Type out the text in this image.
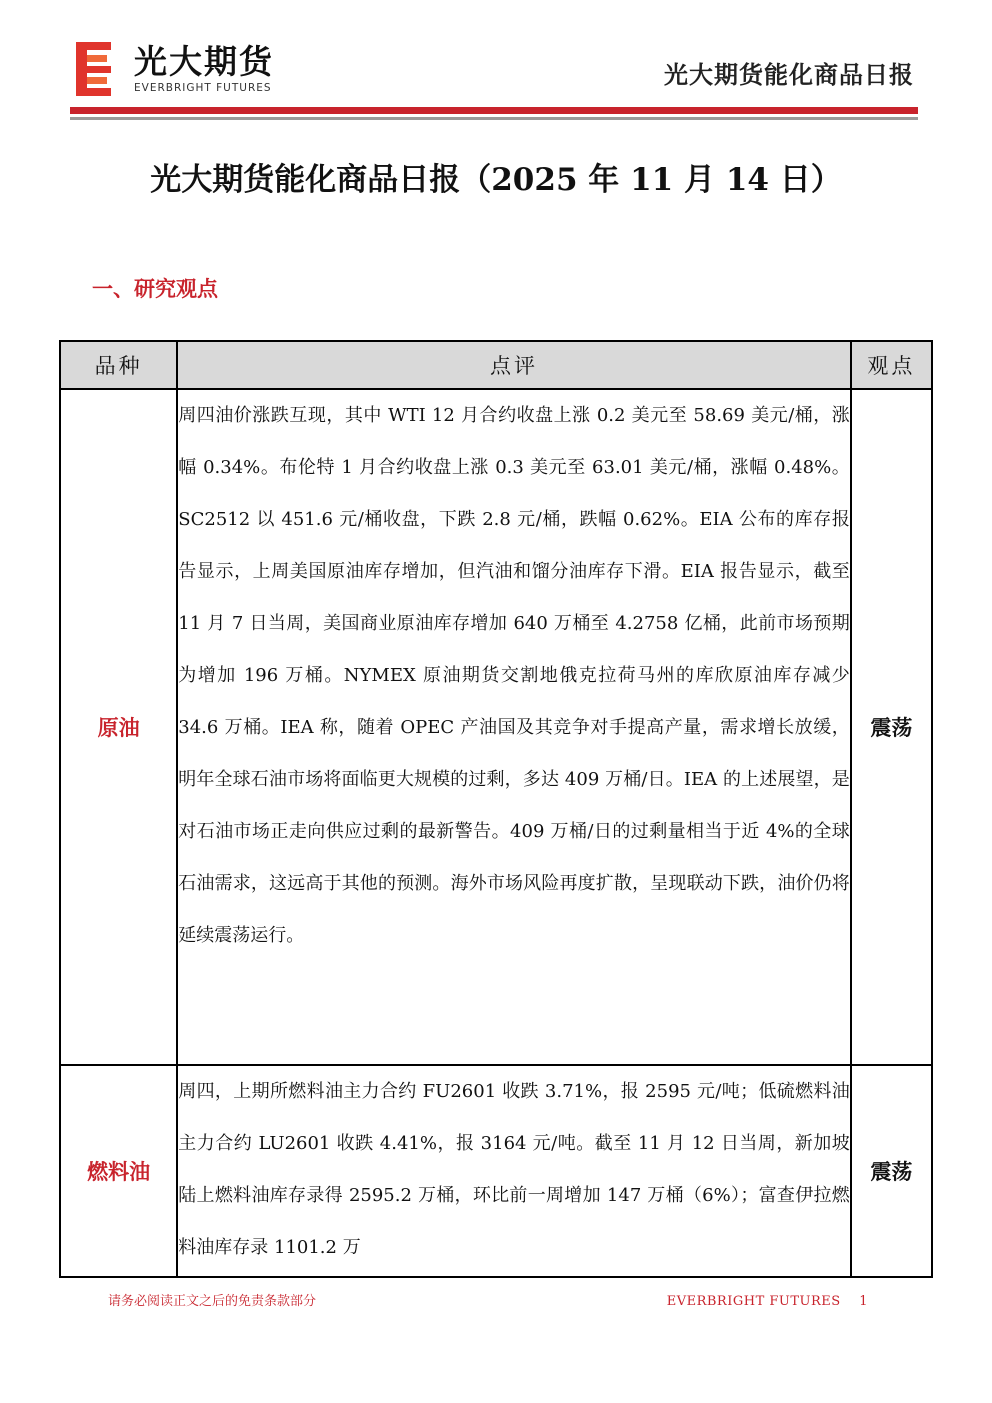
光大期货
EVERBRIGHT FUTURES	光大期货能化商品日报
光大期货能化商品日报（2025 年 11 月 14 日）
一、研究观点
品种	点评	观点
原油	周四油价涨跌互现，其中 WTI 12 月合约收盘上涨 0.2 美元至 58.69 美元/桶，涨幅 0.34%。布伦特 1 月合约收盘上涨 0.3 美元至 63.01 美元/桶，涨幅 0.48%。SC2512 以 451.6 元/桶收盘，下跌 2.8 元/桶，跌幅 0.62%。EIA 公布的库存报告显示，上周美国原油库存增加，但汽油和馏分油库存下滑。EIA 报告显示，截至 11 月 7 日当周，美国商业原油库存增加 640 万桶至 4.2758 亿桶，此前市场预期为增加 196 万桶。NYMEX 原油期货交割地俄克拉荷马州的库欣原油库存减少 34.6 万桶。IEA 称，随着 OPEC 产油国及其竞争对手提高产量，需求增长放缓，明年全球石油市场将面临更大规模的过剩，多达 409 万桶/日。IEA 的上述展望，是对石油市场正走向供应过剩的最新警告。409 万桶/日的过剩量相当于近 4%的全球石油需求，这远高于其他的预测。海外市场风险再度扩散，呈现联动下跌，油价仍将延续震荡运行。	震荡
燃料油	周四，上期所燃料油主力合约 FU2601 收跌 3.71%，报 2595 元/吨；低硫燃料油主力合约 LU2601 收跌 4.41%，报 3164 元/吨。截至 11 月 12 日当周，新加坡陆上燃料油库存录得 2595.2 万桶，环比前一周增加 147 万桶（6%）；富查伊拉燃料油库存录 1101.2 万	震荡
请务必阅读正文之后的免责条款部分	EVERBRIGHT FUTURES 1
